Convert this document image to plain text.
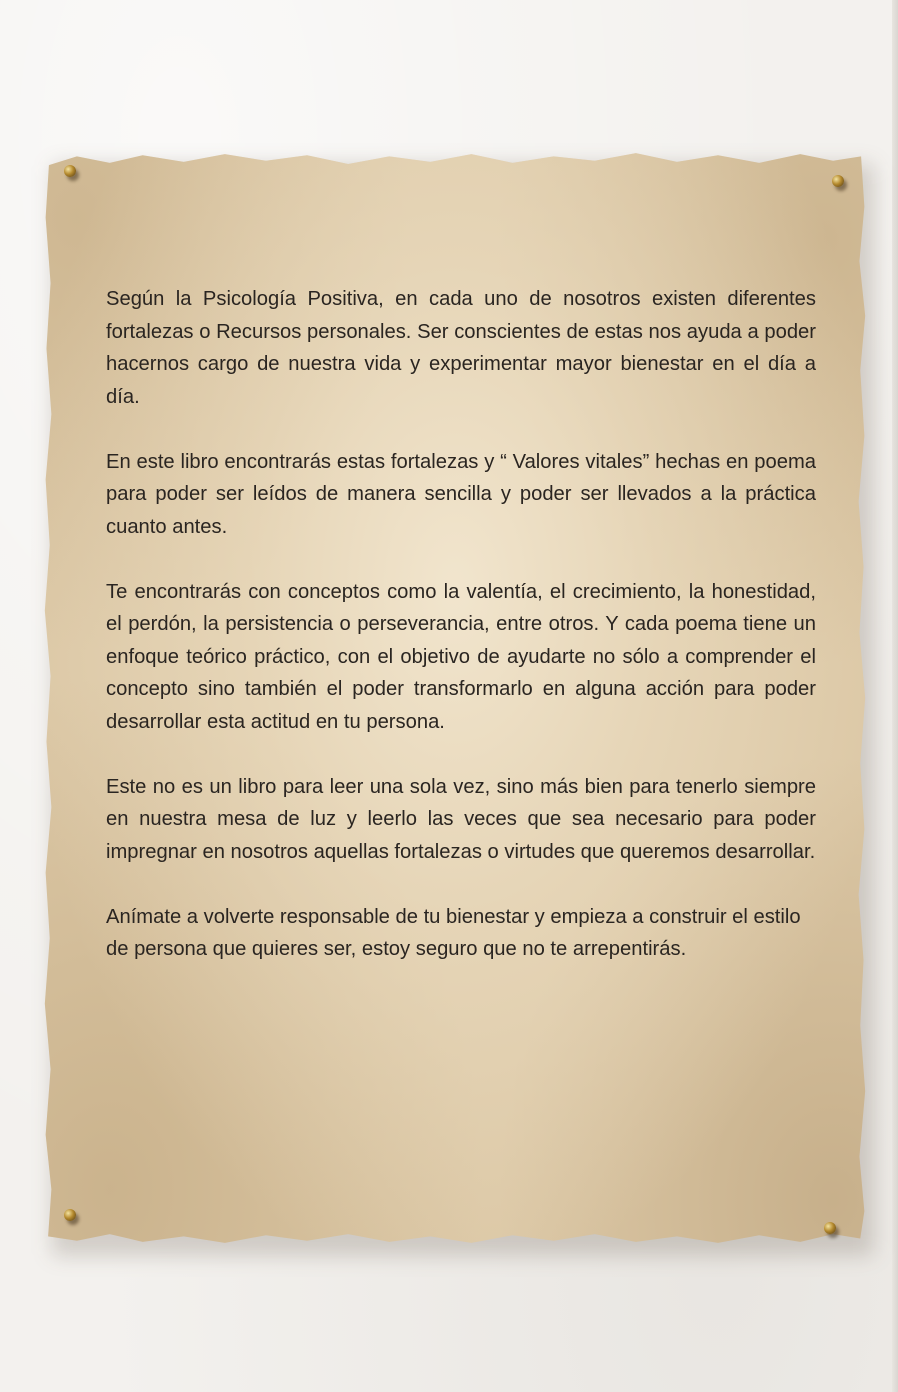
Según la Psicología Positiva, en cada uno de nosotros existen diferentes fortalezas o Recursos personales. Ser conscientes de estas nos ayuda a poder hacernos cargo de nuestra vida y experimentar mayor bienestar en el día a día.

En este libro encontrarás estas fortalezas y “ Valores vitales” hechas en poema para poder ser leídos de manera sencilla y poder ser llevados a la práctica cuanto antes.

Te encontrarás con conceptos como la valentía, el crecimiento, la honestidad, el perdón, la persistencia o perseverancia, entre otros. Y cada poema tiene un enfoque teórico práctico, con el objetivo de ayudarte no sólo a comprender el concepto sino también el poder transformarlo en alguna acción para poder desarrollar esta actitud en tu persona.

Este no es un libro para leer una sola vez, sino más bien para tenerlo siempre en nuestra mesa de luz y leerlo las veces que sea necesario para poder impregnar en nosotros aquellas fortalezas o virtudes que queremos desarrollar.

Anímate a volverte responsable de tu bienestar y empieza a construir el estilo de persona que quieres ser, estoy seguro que no te arrepentirás.
